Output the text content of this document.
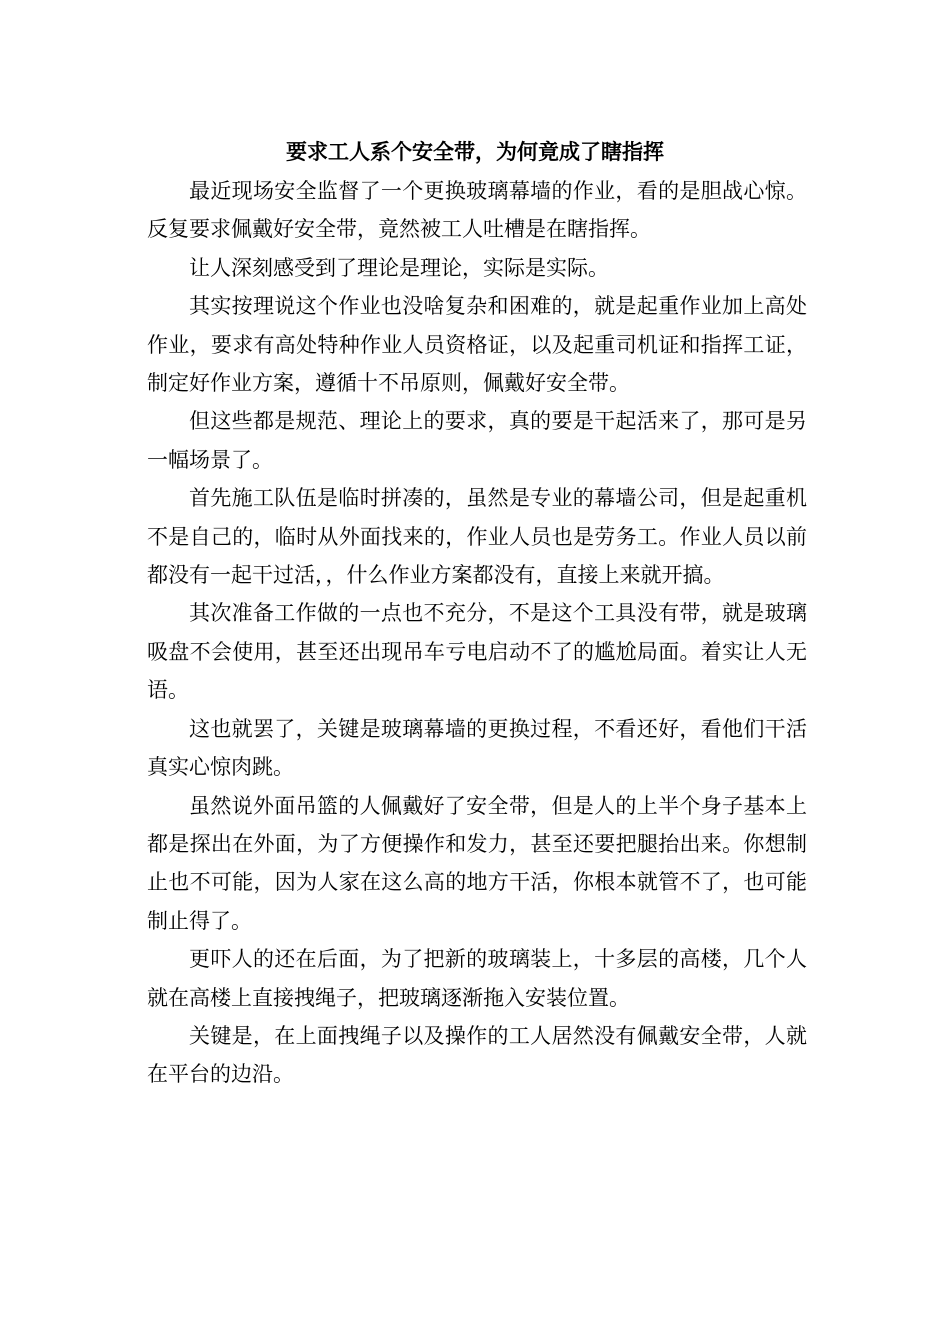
要求工人系个安全带，为何竟成了瞎指挥

最近现场安全监督了一个更换玻璃幕墙的作业，看的是胆战心惊。反复要求佩戴好安全带，竟然被工人吐槽是在瞎指挥。

让人深刻感受到了理论是理论，实际是实际。

其实按理说这个作业也没啥复杂和困难的，就是起重作业加上高处作业，要求有高处特种作业人员资格证，以及起重司机证和指挥工证，制定好作业方案，遵循十不吊原则，佩戴好安全带。

但这些都是规范、理论上的要求，真的要是干起活来了，那可是另一幅场景了。

首先施工队伍是临时拼凑的，虽然是专业的幕墙公司，但是起重机不是自己的，临时从外面找来的，作业人员也是劳务工。作业人员以前都没有一起干过活，，什么作业方案都没有，直接上来就开搞。

其次准备工作做的一点也不充分，不是这个工具没有带，就是玻璃吸盘不会使用，甚至还出现吊车亏电启动不了的尴尬局面。着实让人无语。

这也就罢了，关键是玻璃幕墙的更换过程，不看还好，看他们干活真实心惊肉跳。

虽然说外面吊篮的人佩戴好了安全带，但是人的上半个身子基本上都是探出在外面，为了方便操作和发力，甚至还要把腿抬出来。你想制止也不可能，因为人家在这么高的地方干活，你根本就管不了，也可能制止得了。

更吓人的还在后面，为了把新的玻璃装上，十多层的高楼，几个人就在高楼上直接拽绳子，把玻璃逐渐拖入安装位置。

关键是，在上面拽绳子以及操作的工人居然没有佩戴安全带，人就在平台的边沿。
